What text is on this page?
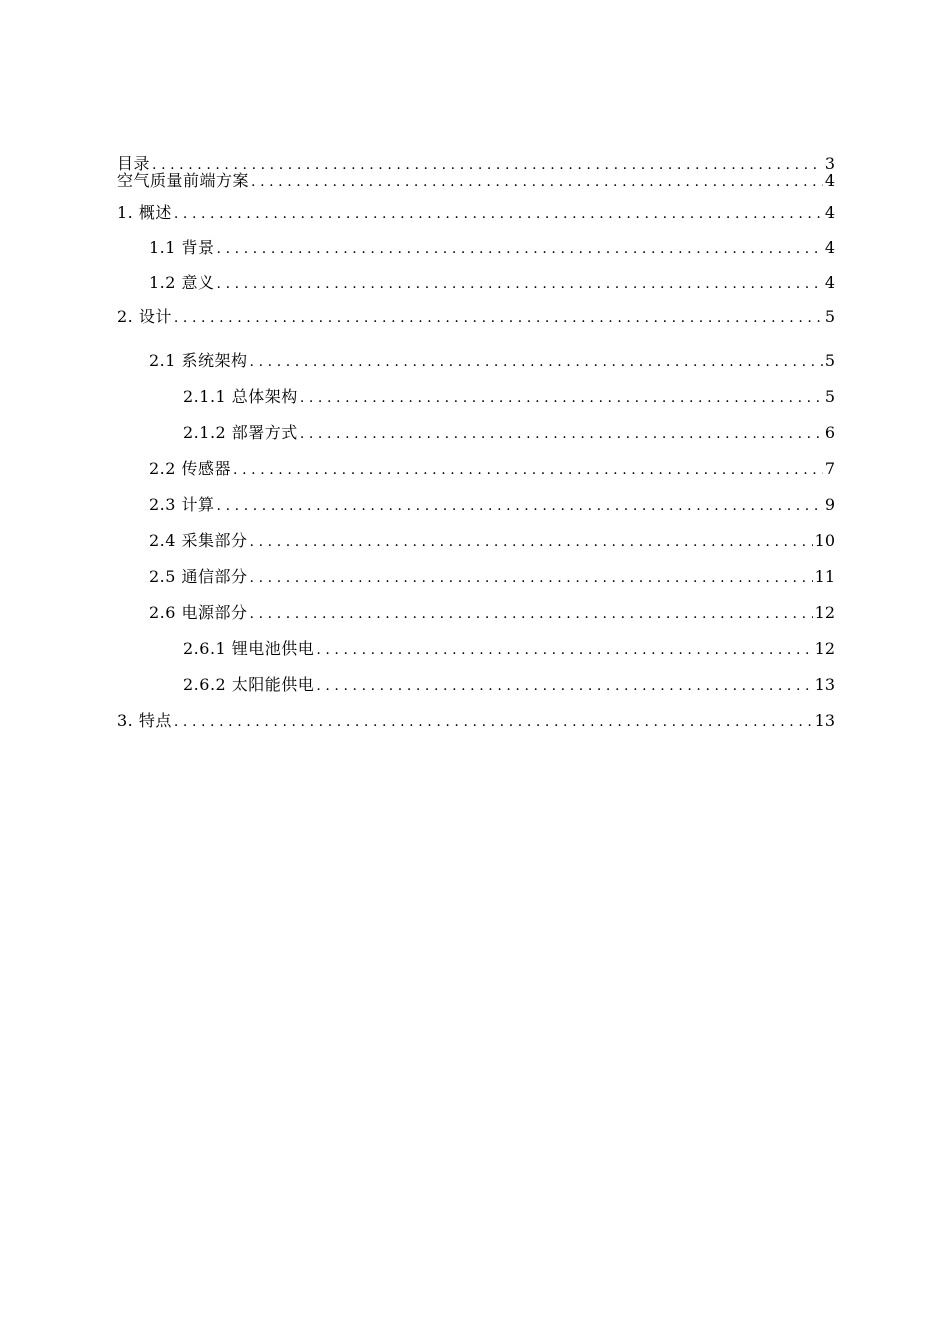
目录 .....	3
空气质量前端方案 .....	4
1. 概述 .....	4
1.1 背景 .....	4
1.2 意义 .....	4
2. 设计 .....	5
2.1 系统架构 .....	5
2.1.1 总体架构 .....	5
2.1.2 部署方式 .....	6
2.2 传感器 .....	7
2.3 计算 .....	9
2.4 采集部分 .....	10
2.5 通信部分 .....	11
2.6 电源部分 .....	12
2.6.1 锂电池供电 .....	12
2.6.2 太阳能供电 .....	13
3. 特点 .....	13
